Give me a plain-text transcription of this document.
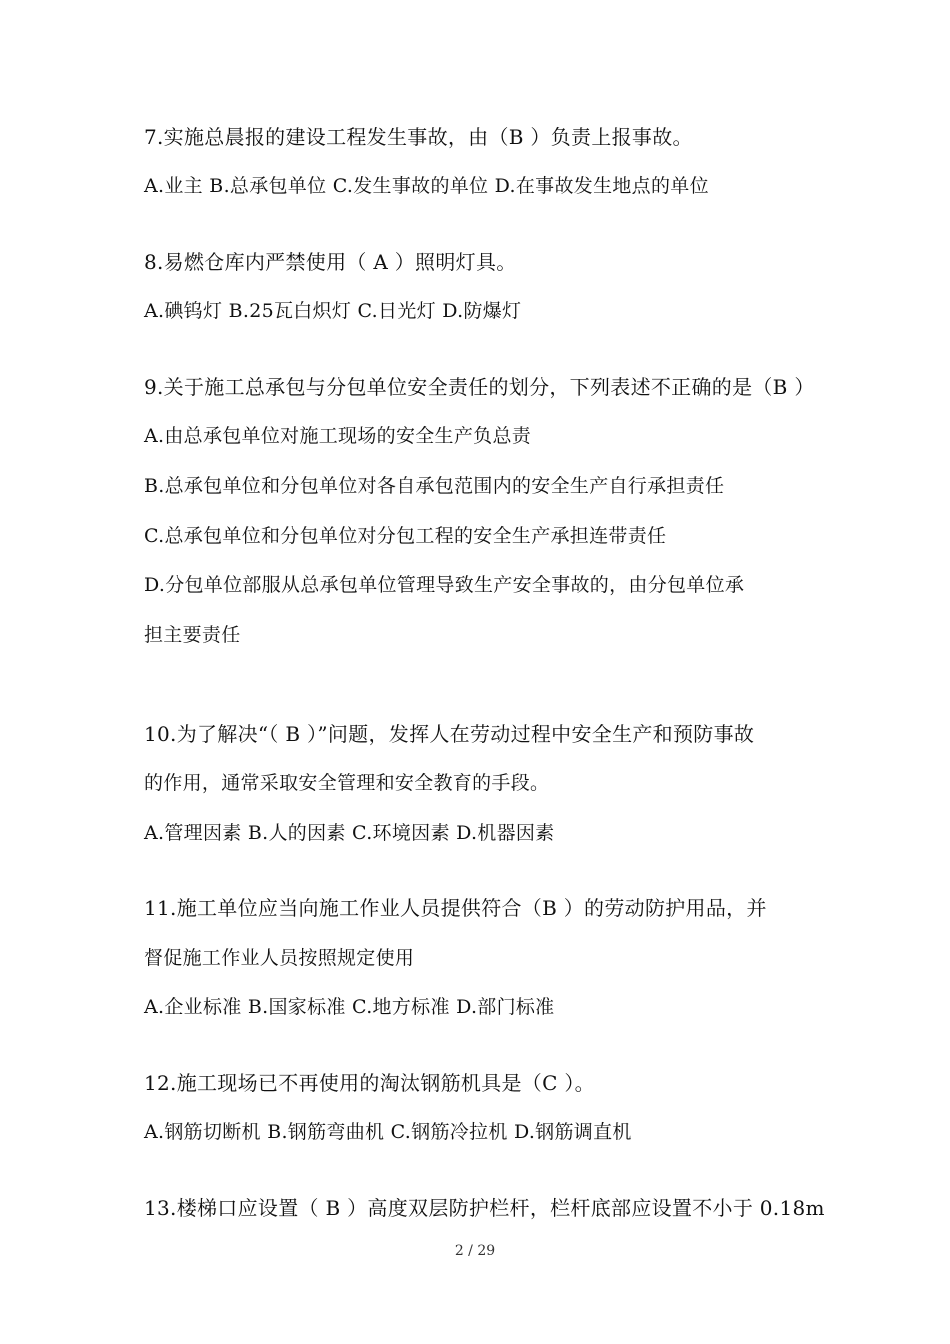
7.实施总晨报的建设工程发生事故，由（B ）负责上报事故。
A.业主 B.总承包单位 C.发生事故的单位 D.在事故发生地点的单位
8.易燃仓库内严禁使用（ A ）照明灯具。
A.碘钨灯 B.25瓦白炽灯 C.日光灯 D.防爆灯
9.关于施工总承包与分包单位安全责任的划分，下列表述不正确的是（B ）
A.由总承包单位对施工现场的安全生产负总责
B.总承包单位和分包单位对各自承包范围内的安全生产自行承担责任
C.总承包单位和分包单位对分包工程的安全生产承担连带责任
D.分包单位部服从总承包单位管理导致生产安全事故的，由分包单位承
担主要责任
10.为了解决“（ B ）”问题，发挥人在劳动过程中安全生产和预防事故
的作用，通常采取安全管理和安全教育的手段。
A.管理因素 B.人的因素 C.环境因素 D.机器因素
11.施工单位应当向施工作业人员提供符合（B ）的劳动防护用品，并
督促施工作业人员按照规定使用
A.企业标准 B.国家标准 C.地方标准 D.部门标准
12.施工现场已不再使用的淘汰钢筋机具是（C ）。
A.钢筋切断机 B.钢筋弯曲机 C.钢筋冷拉机 D.钢筋调直机
13.楼梯口应设置（ B ）高度双层防护栏杆，栏杆底部应设置不小于 0.18m
2 / 29
